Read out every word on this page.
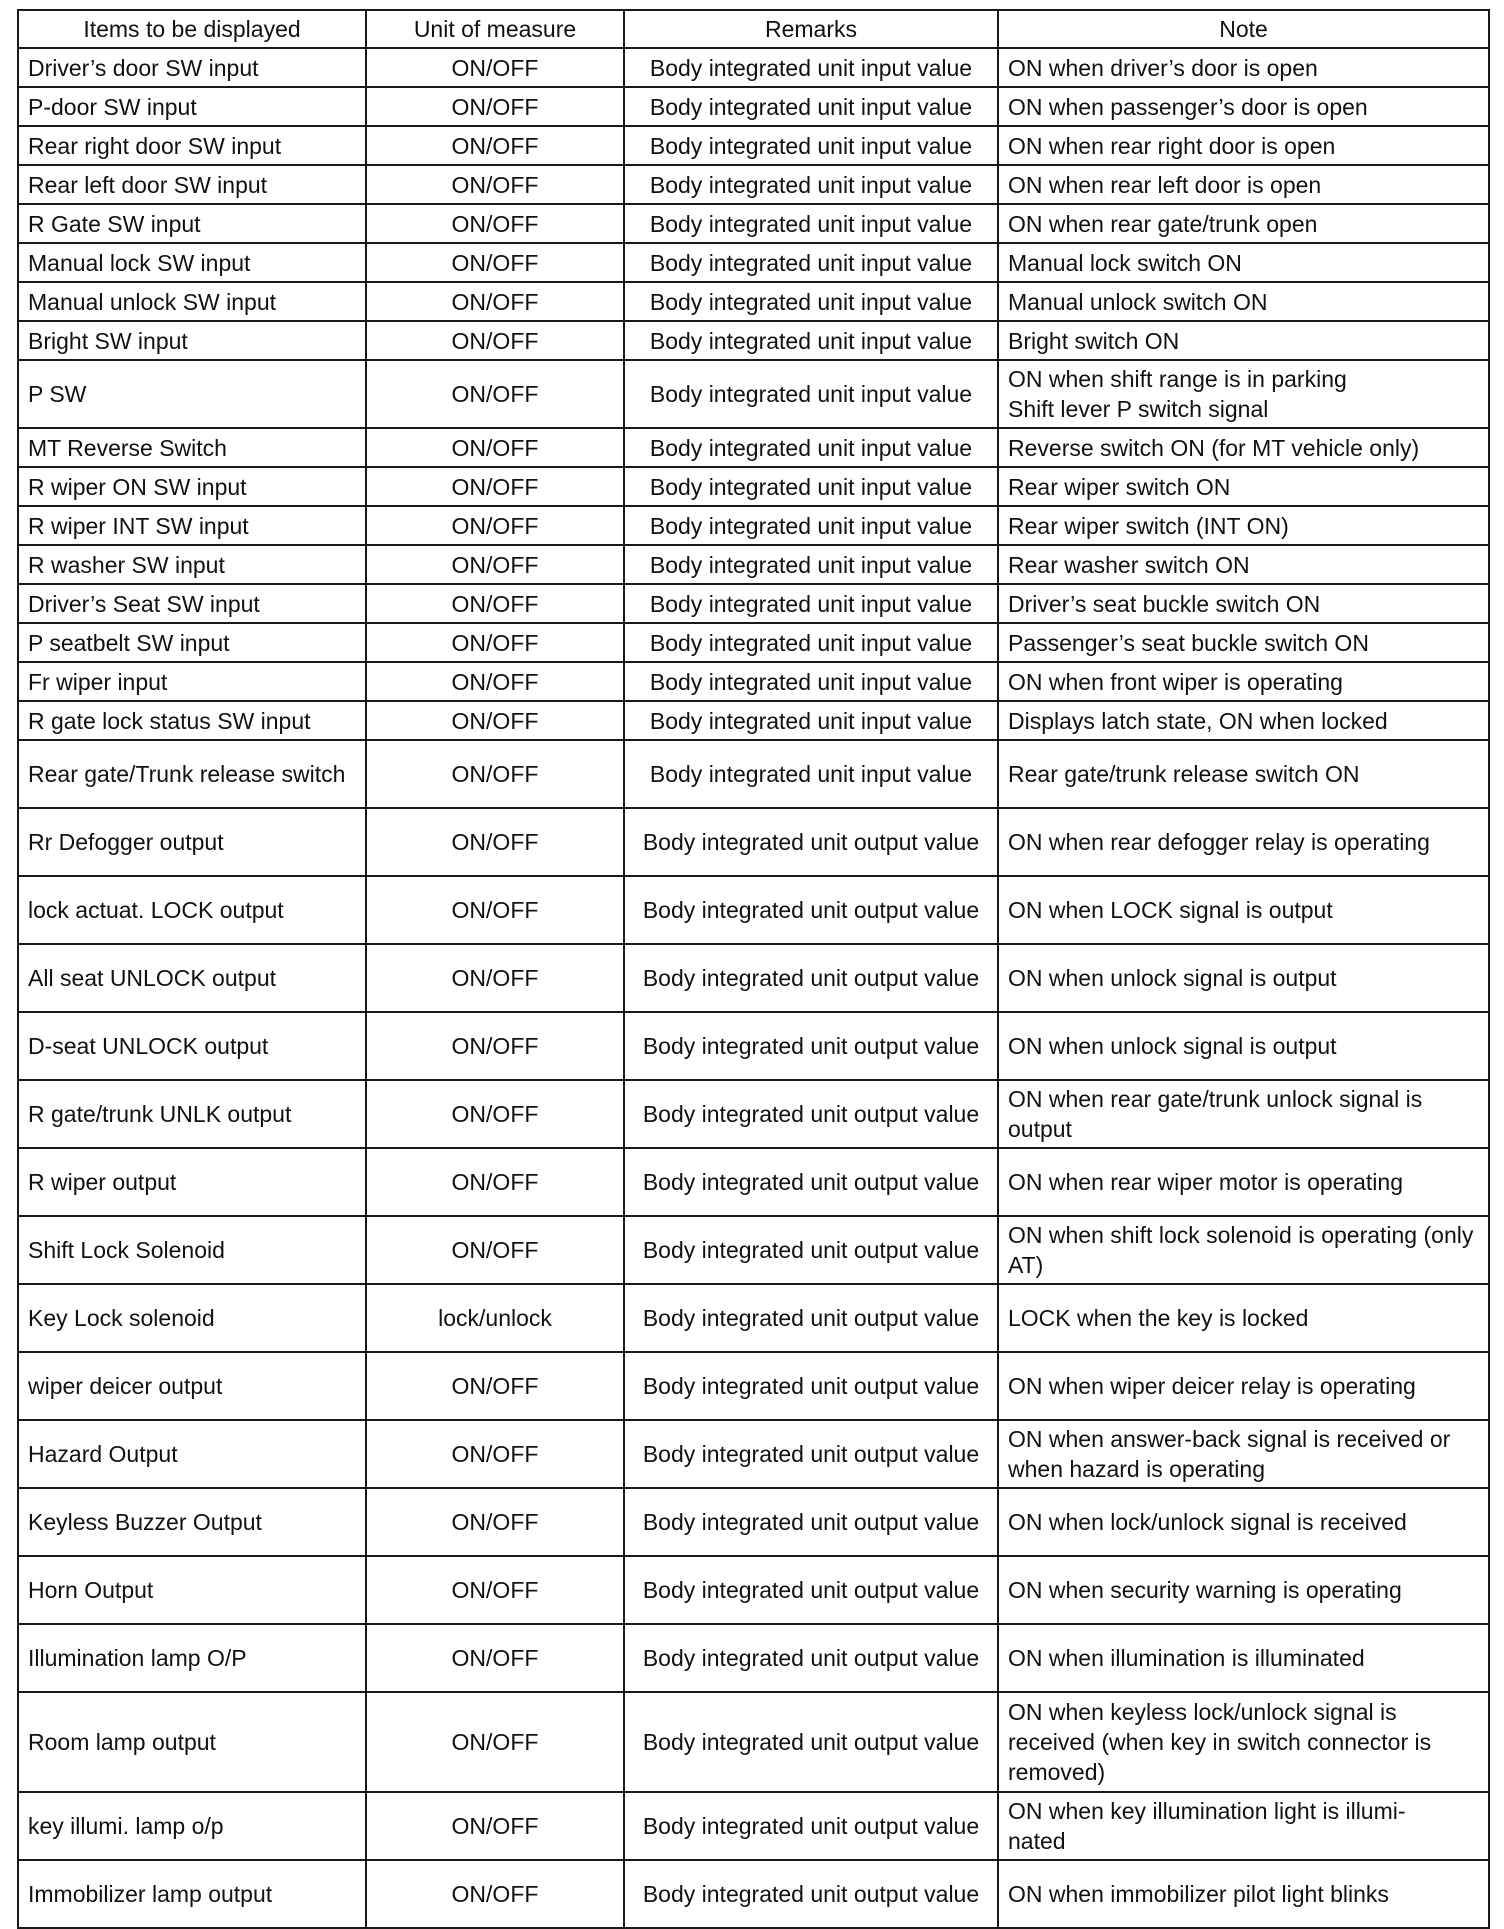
Items to be displayed	Unit of measure	Remarks	Note
Driver’s door SW input	ON/OFF	Body integrated unit input value	ON when driver’s door is open
P-door SW input	ON/OFF	Body integrated unit input value	ON when passenger’s door is open
Rear right door SW input	ON/OFF	Body integrated unit input value	ON when rear right door is open
Rear left door SW input	ON/OFF	Body integrated unit input value	ON when rear left door is open
R Gate SW input	ON/OFF	Body integrated unit input value	ON when rear gate/trunk open
Manual lock SW input	ON/OFF	Body integrated unit input value	Manual lock switch ON
Manual unlock SW input	ON/OFF	Body integrated unit input value	Manual unlock switch ON
Bright SW input	ON/OFF	Body integrated unit input value	Bright switch ON
P SW	ON/OFF	Body integrated unit input value	ON when shift range is in parking
Shift lever P switch signal
MT Reverse Switch	ON/OFF	Body integrated unit input value	Reverse switch ON (for MT vehicle only)
R wiper ON SW input	ON/OFF	Body integrated unit input value	Rear wiper switch ON
R wiper INT SW input	ON/OFF	Body integrated unit input value	Rear wiper switch (INT ON)
R washer SW input	ON/OFF	Body integrated unit input value	Rear washer switch ON
Driver’s Seat SW input	ON/OFF	Body integrated unit input value	Driver’s seat buckle switch ON
P seatbelt SW input	ON/OFF	Body integrated unit input value	Passenger’s seat buckle switch ON
Fr wiper input	ON/OFF	Body integrated unit input value	ON when front wiper is operating
R gate lock status SW input	ON/OFF	Body integrated unit input value	Displays latch state, ON when locked
Rear gate/Trunk release switch	ON/OFF	Body integrated unit input value	Rear gate/trunk release switch ON
Rr Defogger output	ON/OFF	Body integrated unit output value	ON when rear defogger relay is operating
lock actuat. LOCK output	ON/OFF	Body integrated unit output value	ON when LOCK signal is output
All seat UNLOCK output	ON/OFF	Body integrated unit output value	ON when unlock signal is output
D-seat UNLOCK output	ON/OFF	Body integrated unit output value	ON when unlock signal is output
R gate/trunk UNLK output	ON/OFF	Body integrated unit output value	ON when rear gate/trunk unlock signal is output
R wiper output	ON/OFF	Body integrated unit output value	ON when rear wiper motor is operating
Shift Lock Solenoid	ON/OFF	Body integrated unit output value	ON when shift lock solenoid is operating (only AT)
Key Lock solenoid	lock/unlock	Body integrated unit output value	LOCK when the key is locked
wiper deicer output	ON/OFF	Body integrated unit output value	ON when wiper deicer relay is operating
Hazard Output	ON/OFF	Body integrated unit output value	ON when answer-back signal is received or when hazard is operating
Keyless Buzzer Output	ON/OFF	Body integrated unit output value	ON when lock/unlock signal is received
Horn Output	ON/OFF	Body integrated unit output value	ON when security warning is operating
Illumination lamp O/P	ON/OFF	Body integrated unit output value	ON when illumination is illuminated
Room lamp output	ON/OFF	Body integrated unit output value	ON when keyless lock/unlock signal is received (when key in switch connector is removed)
key illumi. lamp o/p	ON/OFF	Body integrated unit output value	ON when key illumination light is illumi-
nated
Immobilizer lamp output	ON/OFF	Body integrated unit output value	ON when immobilizer pilot light blinks
